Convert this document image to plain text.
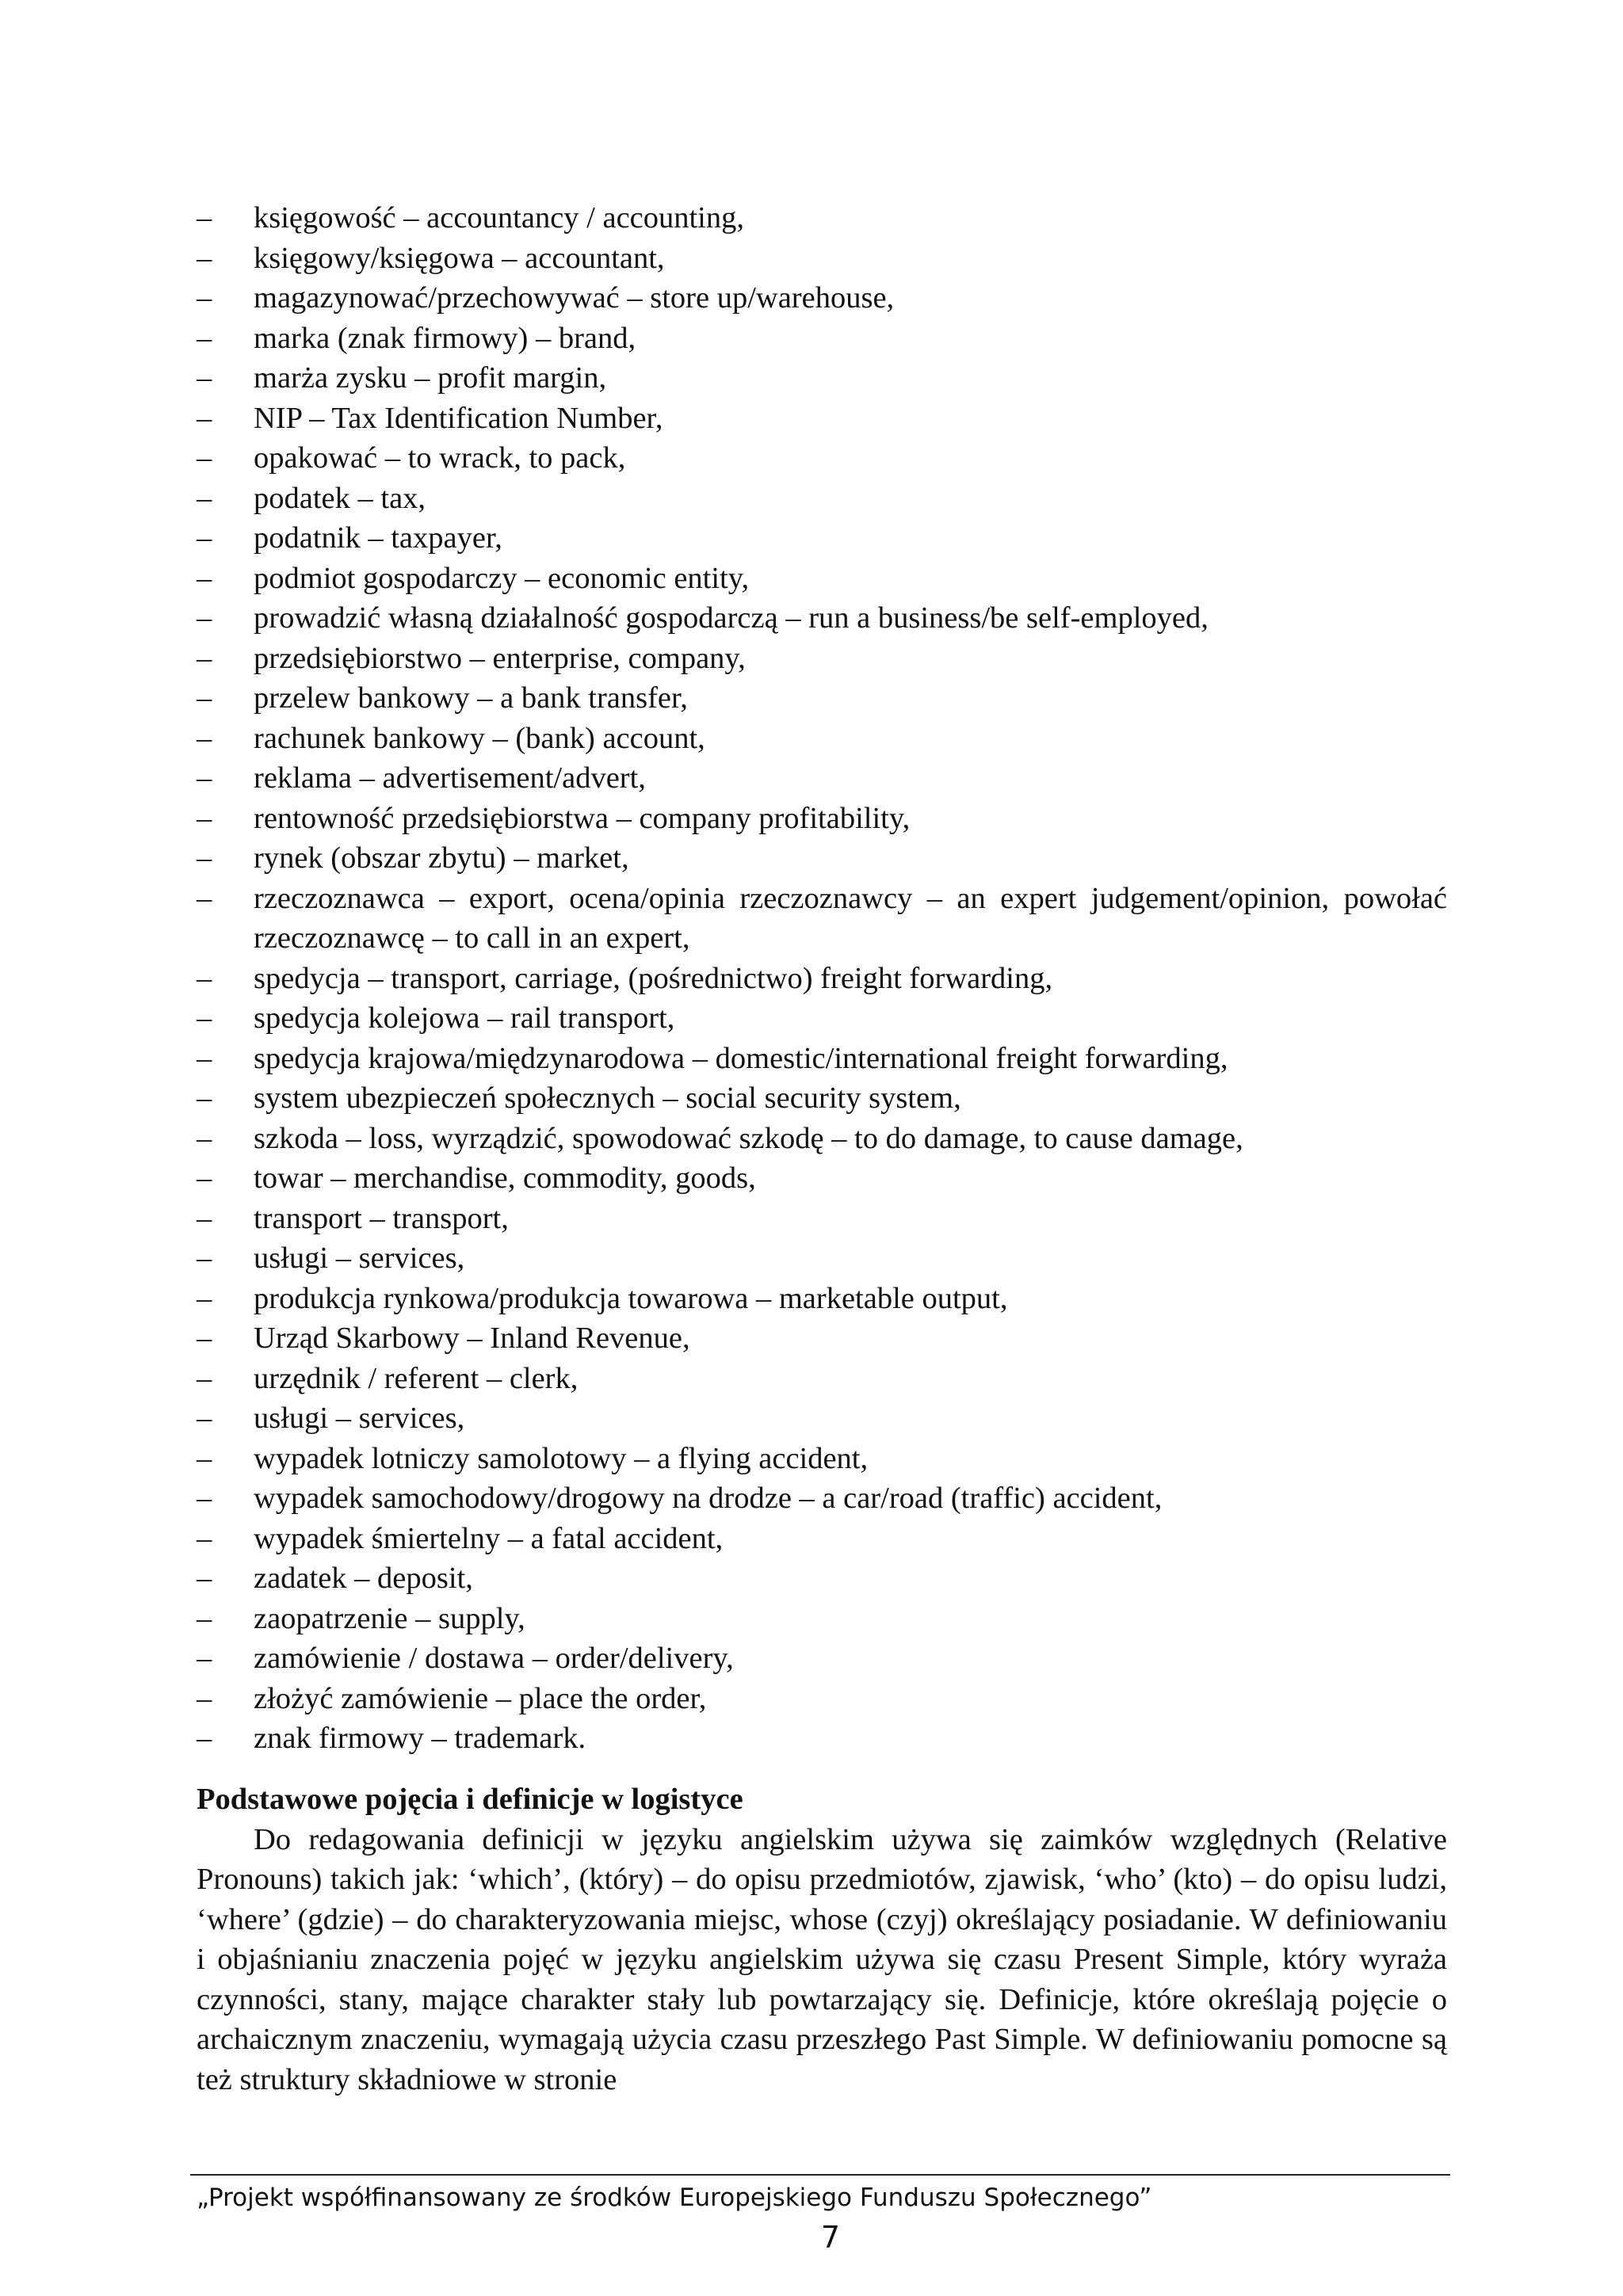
–
księgowość – accountancy / accounting,
–
księgowy/księgowa – accountant,
–
magazynować/przechowywać – store up/warehouse,
–
marka (znak firmowy) – brand,
–
marża zysku – profit margin,
–
NIP – Tax Identification Number,
–
opakować – to wrack, to pack,
–
podatek – tax,
–
podatnik – taxpayer,
–
podmiot gospodarczy – economic entity,
–
prowadzić własną działalność gospodarczą – run a business/be self-employed,
–
przedsiębiorstwo – enterprise, company,
–
przelew bankowy – a bank transfer,
–
rachunek bankowy – (bank) account,
–
reklama – advertisement/advert,
–
rentowność przedsiębiorstwa – company profitability,
–
rynek (obszar zbytu) – market,
–
rzeczoznawca – export, ocena/opinia rzeczoznawcy – an expert judgement/opinion, powołać rzeczoznawcę – to call in an expert,
–
spedycja – transport, carriage, (pośrednictwo) freight forwarding,
–
spedycja kolejowa – rail transport,
–
spedycja krajowa/międzynarodowa – domestic/international freight forwarding,
–
system ubezpieczeń społecznych – social security system,
–
szkoda – loss, wyrządzić, spowodować szkodę – to do damage, to cause damage,
–
towar – merchandise, commodity, goods,
–
transport – transport,
–
usługi – services,
–
produkcja rynkowa/produkcja towarowa – marketable output,
–
Urząd Skarbowy – Inland Revenue,
–
urzędnik / referent – clerk,
–
usługi – services,
–
wypadek lotniczy samolotowy – a flying accident,
–
wypadek samochodowy/drogowy na drodze – a car/road (traffic) accident,
–
wypadek śmiertelny – a fatal accident,
–
zadatek – deposit,
–
zaopatrzenie – supply,
–
zamówienie / dostawa – order/delivery,
–
złożyć zamówienie – place the order,
–
znak firmowy – trademark.
Podstawowe pojęcia i definicje w logistyce

Do redagowania definicji w języku angielskim używa się zaimków względnych (Relative Pronouns) takich jak: ‘which’, (który) – do opisu przedmiotów, zjawisk, ‘who’ (kto) – do opisu ludzi, ‘where’ (gdzie) – do charakteryzowania miejsc, whose (czyj) określający posiadanie. W definiowaniu i objaśnianiu znaczenia pojęć w języku angielskim używa się czasu Present Simple, który wyraża czynności, stany, mające charakter stały lub powtarzający się. Definicje, które określają pojęcie o archaicznym znaczeniu, wymagają użycia czasu przeszłego Past Simple. W definiowaniu pomocne są też struktury składniowe w stronie

„Projekt współfinansowany ze środków Europejskiego Funduszu Społecznego”
7
